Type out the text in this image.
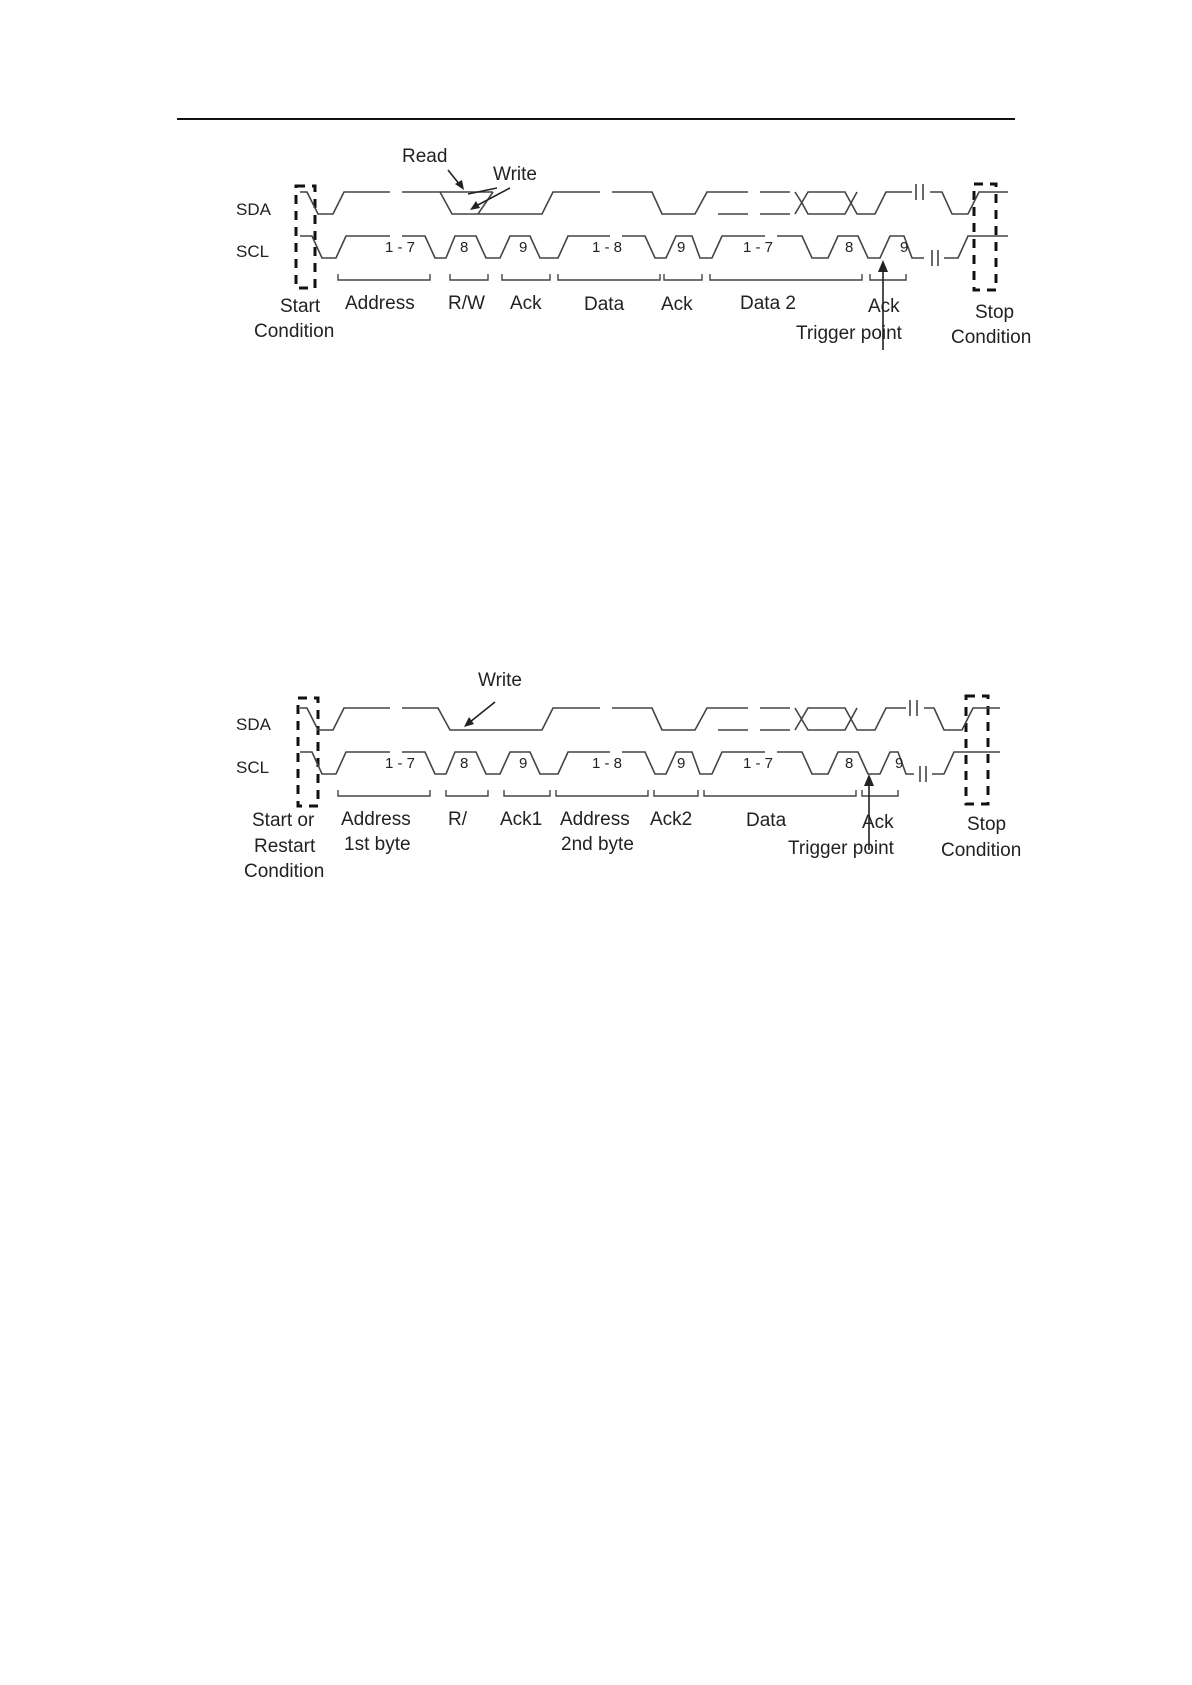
SDA
SCL	1 - 7	8	9	1 - 8	9	1 - 7	8	9
Read
Write
Start
Condition
Address R/W Ack Data Ack Data 2	Ack
Trigger point
Stop
Condition
SDA
SCL	1 - 7	8	9	1 - 8	9	1 - 7	8	9
Write
Start or
Restart
Condition
Address
1st byte
R/ Ack1 Address
2nd byte
Ack2	Data	Ack
Trigger point
Stop
Condition
